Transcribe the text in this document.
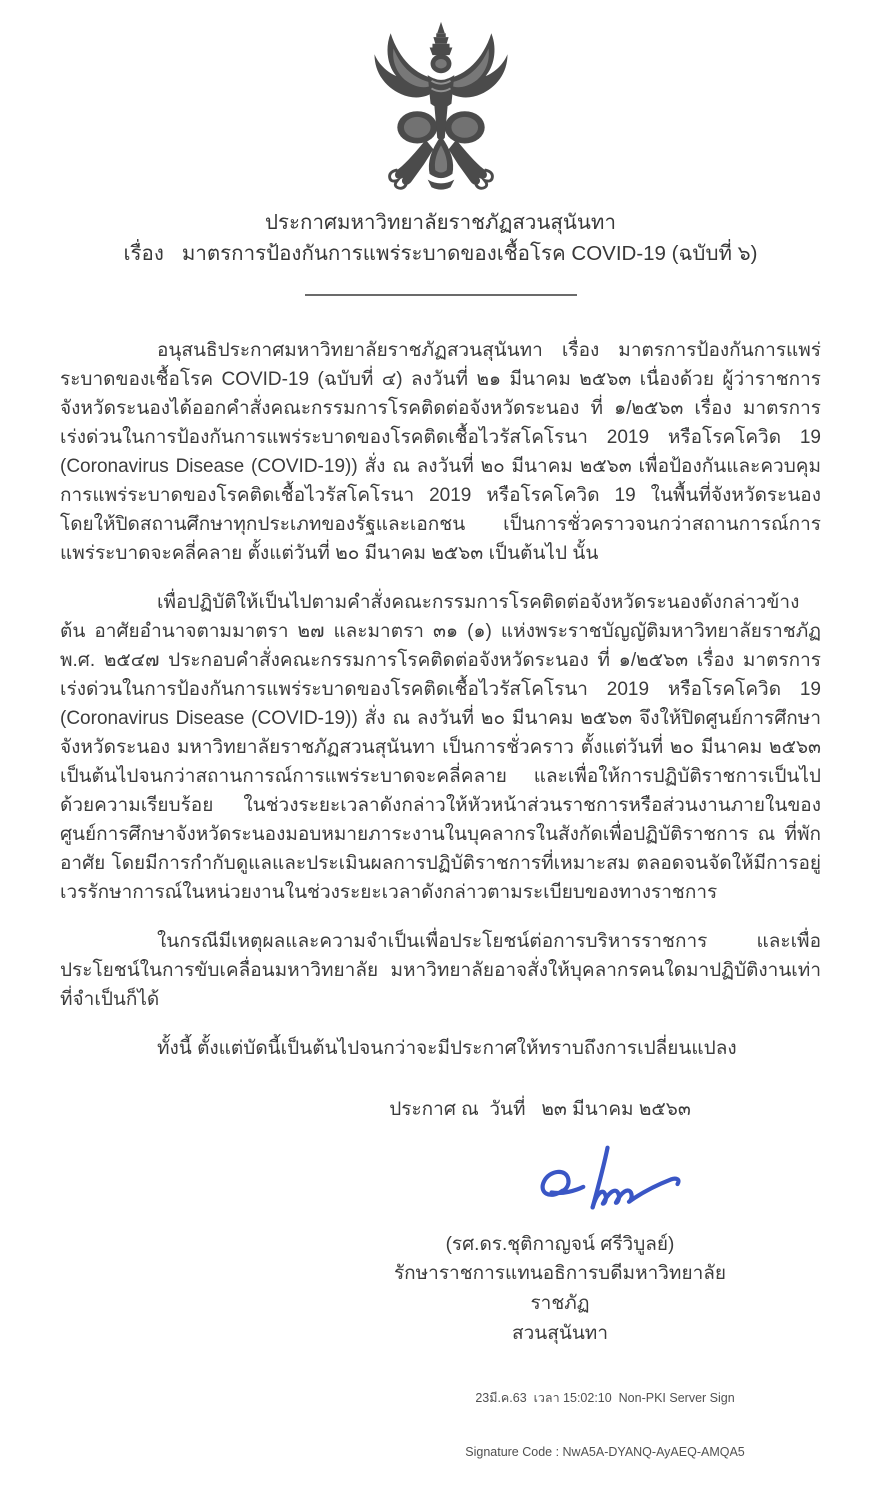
ประกาศมหาวิทยาลัยราชภัฏสวนสุนันทา
เรื่อง มาตรการป้องกันการแพร่ระบาดของเชื้อโรค COVID-19 (ฉบับที่ ๖)

อนุสนธิประกาศมหาวิทยาลัยราชภัฏสวนสุนันทา เรื่อง มาตรการป้องกันการแพร่ระบาดของเชื้อโรค COVID-19 (ฉบับที่ ๔) ลงวันที่ ๒๑ มีนาคม ๒๕๖๓ เนื่องด้วย ผู้ว่าราชการจังหวัดระนองได้ออกคำสั่งคณะกรรมการโรคติดต่อจังหวัดระนอง ที่ ๑/๒๕๖๓ เรื่อง มาตรการเร่งด่วนในการป้องกันการแพร่ระบาดของโรคติดเชื้อไวรัสโคโรนา 2019 หรือโรคโควิด 19 (Coronavirus Disease (COVID-19)) สั่ง ณ ลงวันที่ ๒๐ มีนาคม ๒๕๖๓ เพื่อป้องกันและควบคุมการแพร่ระบาดของโรคติดเชื้อไวรัสโคโรนา 2019 หรือโรคโควิด 19 ในพื้นที่จังหวัดระนอง โดยให้ปิดสถานศึกษาทุกประเภทของรัฐและเอกชน เป็นการชั่วคราวจนกว่าสถานการณ์การแพร่ระบาดจะคลี่คลาย ตั้งแต่วันที่ ๒๐ มีนาคม ๒๕๖๓ เป็นต้นไป นั้น

เพื่อปฏิบัติให้เป็นไปตามคำสั่งคณะกรรมการโรคติดต่อจังหวัดระนองดังกล่าวข้างต้น อาศัยอำนาจตามมาตรา ๒๗ และมาตรา ๓๑ (๑) แห่งพระราชบัญญัติมหาวิทยาลัยราชภัฏ พ.ศ. ๒๕๔๗ ประกอบคำสั่งคณะกรรมการโรคติดต่อจังหวัดระนอง ที่ ๑/๒๕๖๓ เรื่อง มาตรการเร่งด่วนในการป้องกันการแพร่ระบาดของโรคติดเชื้อไวรัสโคโรนา 2019 หรือโรคโควิด 19 (Coronavirus Disease (COVID-19)) สั่ง ณ ลงวันที่ ๒๐ มีนาคม ๒๕๖๓ จึงให้ปิดศูนย์การศึกษาจังหวัดระนอง มหาวิทยาลัยราชภัฏสวนสุนันทา เป็นการชั่วคราว ตั้งแต่วันที่ ๒๐ มีนาคม ๒๕๖๓ เป็นต้นไปจนกว่าสถานการณ์การแพร่ระบาดจะคลี่คลาย และเพื่อให้การปฏิบัติราชการเป็นไปด้วยความเรียบร้อย ในช่วงระยะเวลาดังกล่าวให้หัวหน้าส่วนราชการหรือส่วนงานภายในของศูนย์การศึกษาจังหวัดระนองมอบหมายภาระงานในบุคลากรในสังกัดเพื่อปฏิบัติราชการ ณ ที่พักอาศัย โดยมีการกำกับดูแลและประเมินผลการปฏิบัติราชการที่เหมาะสม ตลอดจนจัดให้มีการอยู่เวรรักษาการณ์ในหน่วยงานในช่วงระยะเวลาดังกล่าวตามระเบียบของทางราชการ

ในกรณีมีเหตุผลและความจำเป็นเพื่อประโยชน์ต่อการบริหารราชการ และเพื่อประโยชน์ในการขับเคลื่อนมหาวิทยาลัย มหาวิทยาลัยอาจสั่งให้บุคลากรคนใดมาปฏิบัติงานเท่าที่จำเป็นก็ได้

ทั้งนี้ ตั้งแต่บัดนี้เป็นต้นไปจนกว่าจะมีประกาศให้ทราบถึงการเปลี่ยนแปลง

ประกาศ ณ  วันที่   ๒๓ มีนาคม ๒๕๖๓
(รศ.ดร.ชุติกาญจน์ ศรีวิบูลย์)
รักษาราชการแทนอธิการบดีมหาวิทยาลัยราชภัฏ
สวนสุนันทา

23มี.ค.63  เวลา 15:02:10  Non-PKI Server Sign

Signature Code : NwA5A-DYANQ-AyAEQ-AMQA5
